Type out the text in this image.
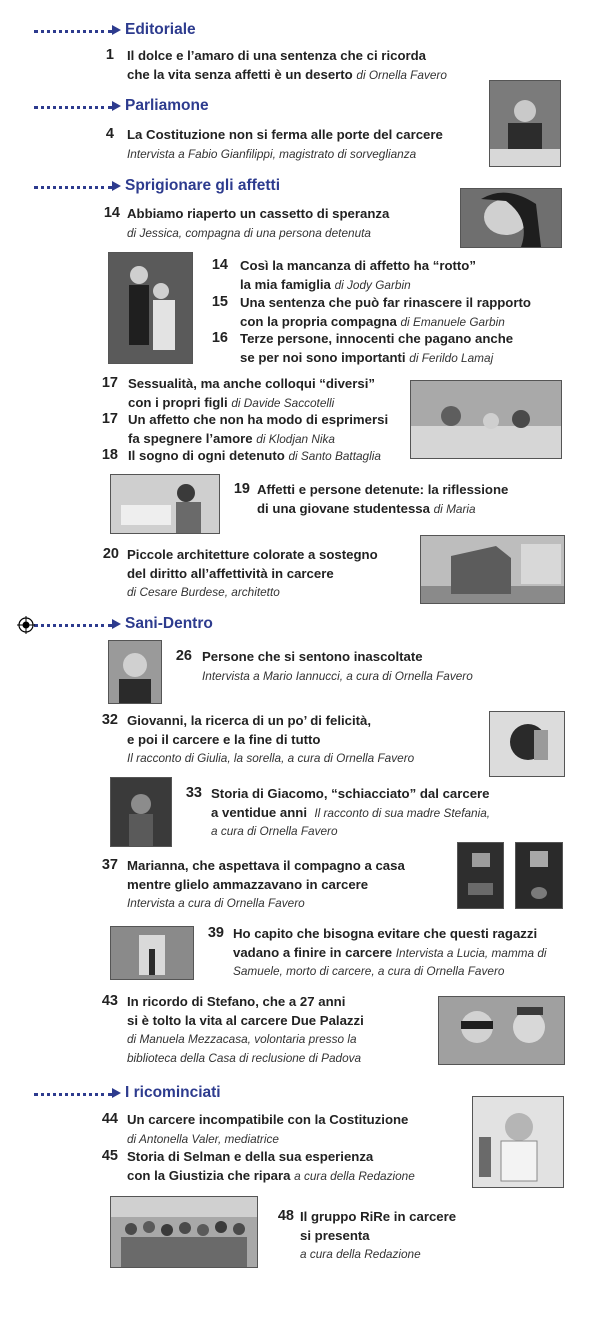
Editoriale
Parliamone
Sprigionare gli affetti
Sani-Dentro
I ricominciati
1 Il dolce e l’amaro di una sentenza che ci ricorda
che la vita senza affetti è un deserto di Ornella Favero
4 La Costituzione non si ferma alle porte del carcere
Intervista a Fabio Gianfilippi, magistrato di sorveglianza
14 Abbiamo riaperto un cassetto di speranza
di Jessica, compagna di una persona detenuta
14 Così la mancanza di affetto ha “rotto”
la mia famiglia di Jody Garbin
15 Una sentenza che può far rinascere il rapporto
con la propria compagna di Emanuele Garbin
16 Terze persone, innocenti che pagano anche
se per noi sono importanti di Ferildo Lamaj
17 Sessualità, ma anche colloqui “diversi”
con i propri figli di Davide Saccotelli
17 Un affetto che non ha modo di esprimersi
fa spegnere l’amore di Klodjan Nika
18 Il sogno di ogni detenuto di Santo Battaglia
19 Affetti e persone detenute: la riflessione
di una giovane studentessa di Maria
20 Piccole architetture colorate a sostegno
del diritto all’affettività in carcere
di Cesare Burdese, architetto
26 Persone che si sentono inascoltate
Intervista a Mario Iannucci, a cura di Ornella Favero
32 Giovanni, la ricerca di un po’ di felicità,
e poi il carcere e la fine di tutto
Il racconto di Giulia, la sorella, a cura di Ornella Favero
33 Storia di Giacomo, “schiacciato” dal carcere
a ventidue anni Il racconto di sua madre Stefania,
a cura di Ornella Favero
37 Marianna, che aspettava il compagno a casa
mentre glielo ammazzavano in carcere
Intervista a cura di Ornella Favero
39 Ho capito che bisogna evitare che questi ragazzi
vadano a finire in carcere Intervista a Lucia, mamma di
Samuele, morto di carcere, a cura di Ornella Favero
43 In ricordo di Stefano, che a 27 anni
si è tolto la vita al carcere Due Palazzi
di Manuela Mezzacasa, volontaria presso la
biblioteca della Casa di reclusione di Padova
44 Un carcere incompatibile con la Costituzione
di Antonella Valer, mediatrice
45 Storia di Selman e della sua esperienza
con la Giustizia che ripara a cura della Redazione
48 Il gruppo RiRe in carcere
si presenta
a cura della Redazione
